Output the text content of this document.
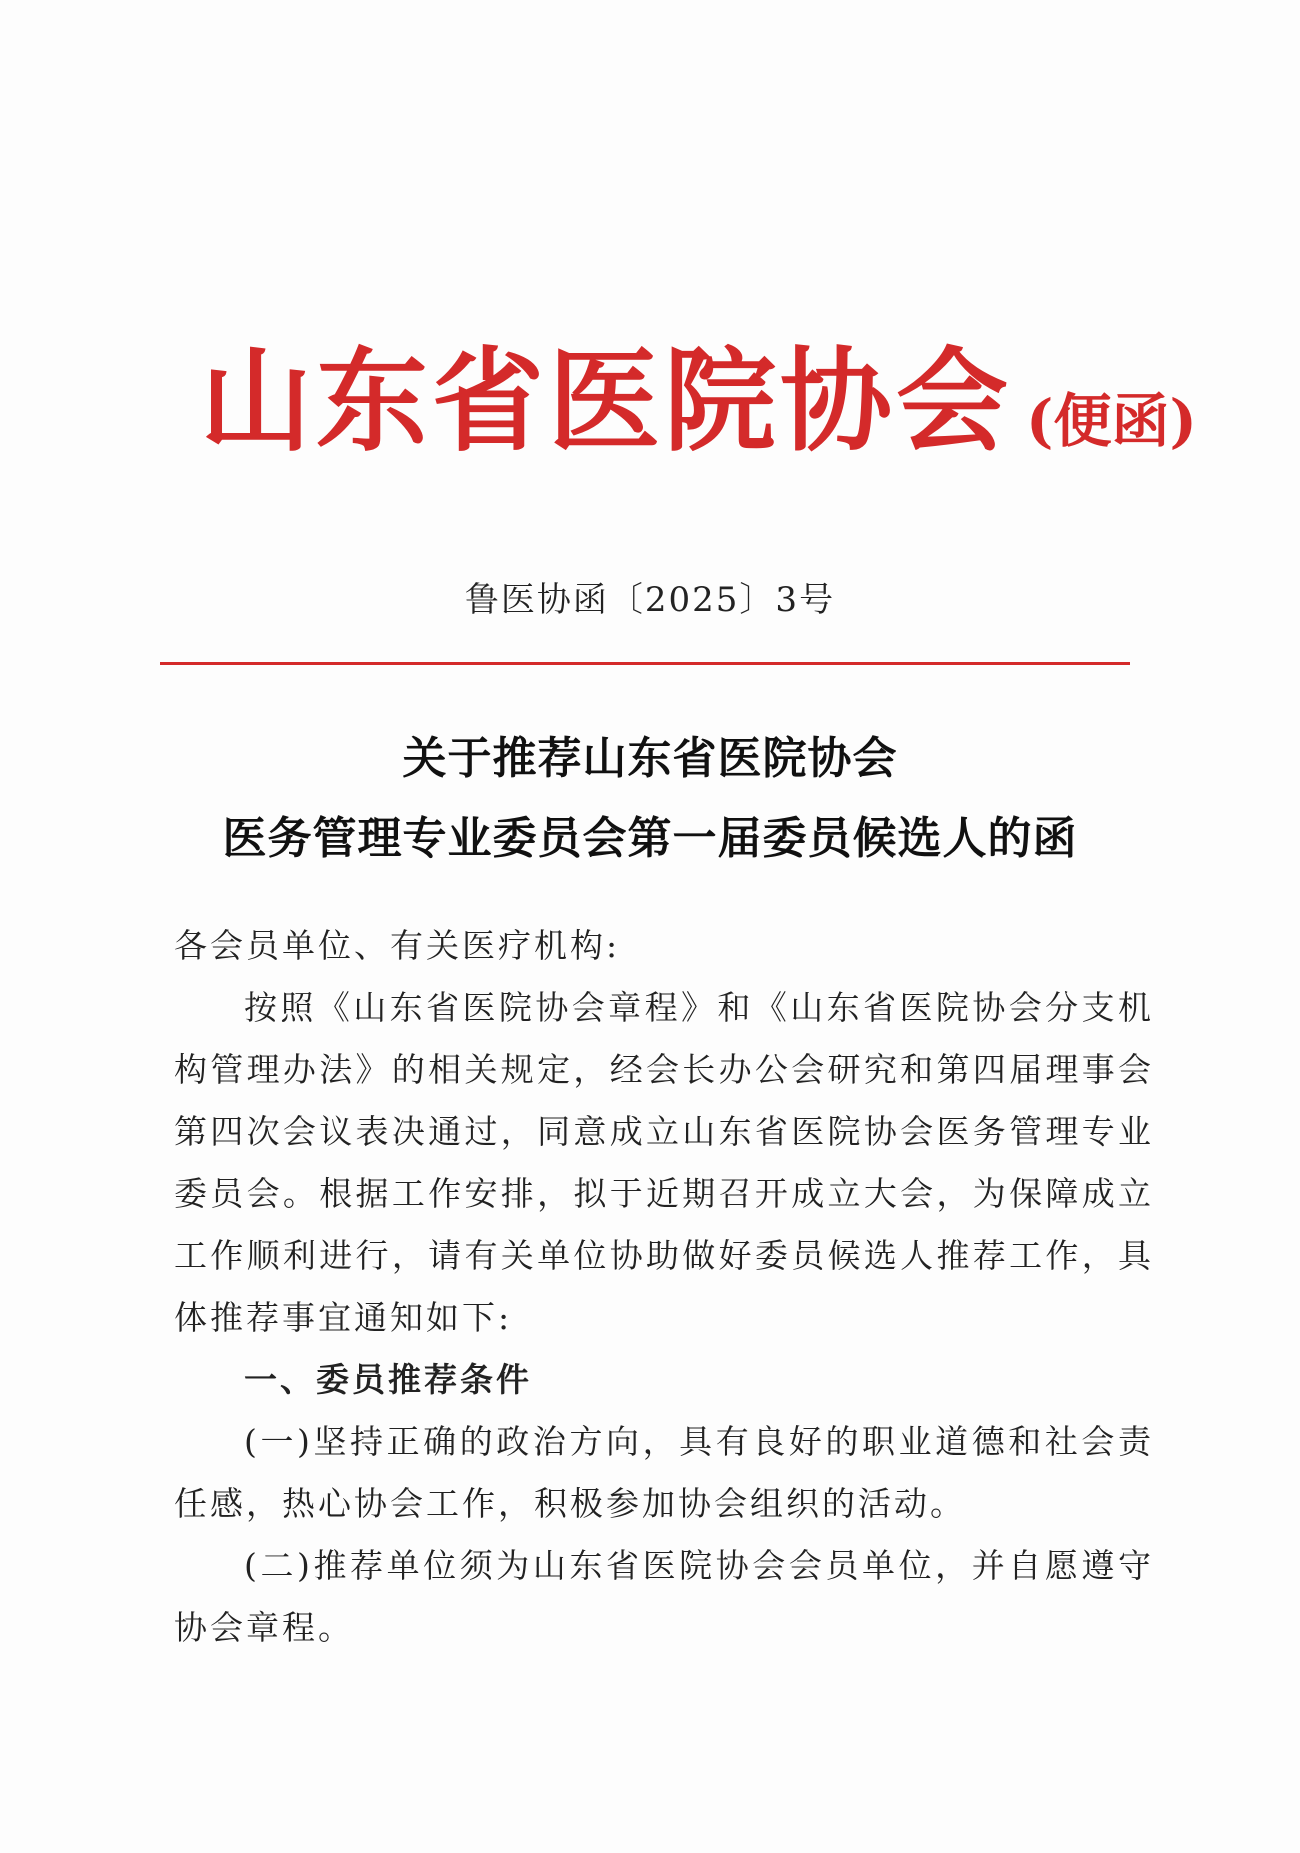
山东省医院协会 (便函)
鲁医协函〔2025〕3号
关于推荐山东省医院协会
医务管理专业委员会第一届委员候选人的函

各会员单位、有关医疗机构:

按照《山东省医院协会章程》和《山东省医院协会分支机构管理办法》的相关规定，经会长办公会研究和第四届理事会第四次会议表决通过，同意成立山东省医院协会医务管理专业委员会。根据工作安排，拟于近期召开成立大会，为保障成立工作顺利进行，请有关单位协助做好委员候选人推荐工作，具体推荐事宜通知如下:

一、委员推荐条件

(一)坚持正确的政治方向，具有良好的职业道德和社会责任感，热心协会工作，积极参加协会组织的活动。

(二)推荐单位须为山东省医院协会会员单位，并自愿遵守协会章程。
